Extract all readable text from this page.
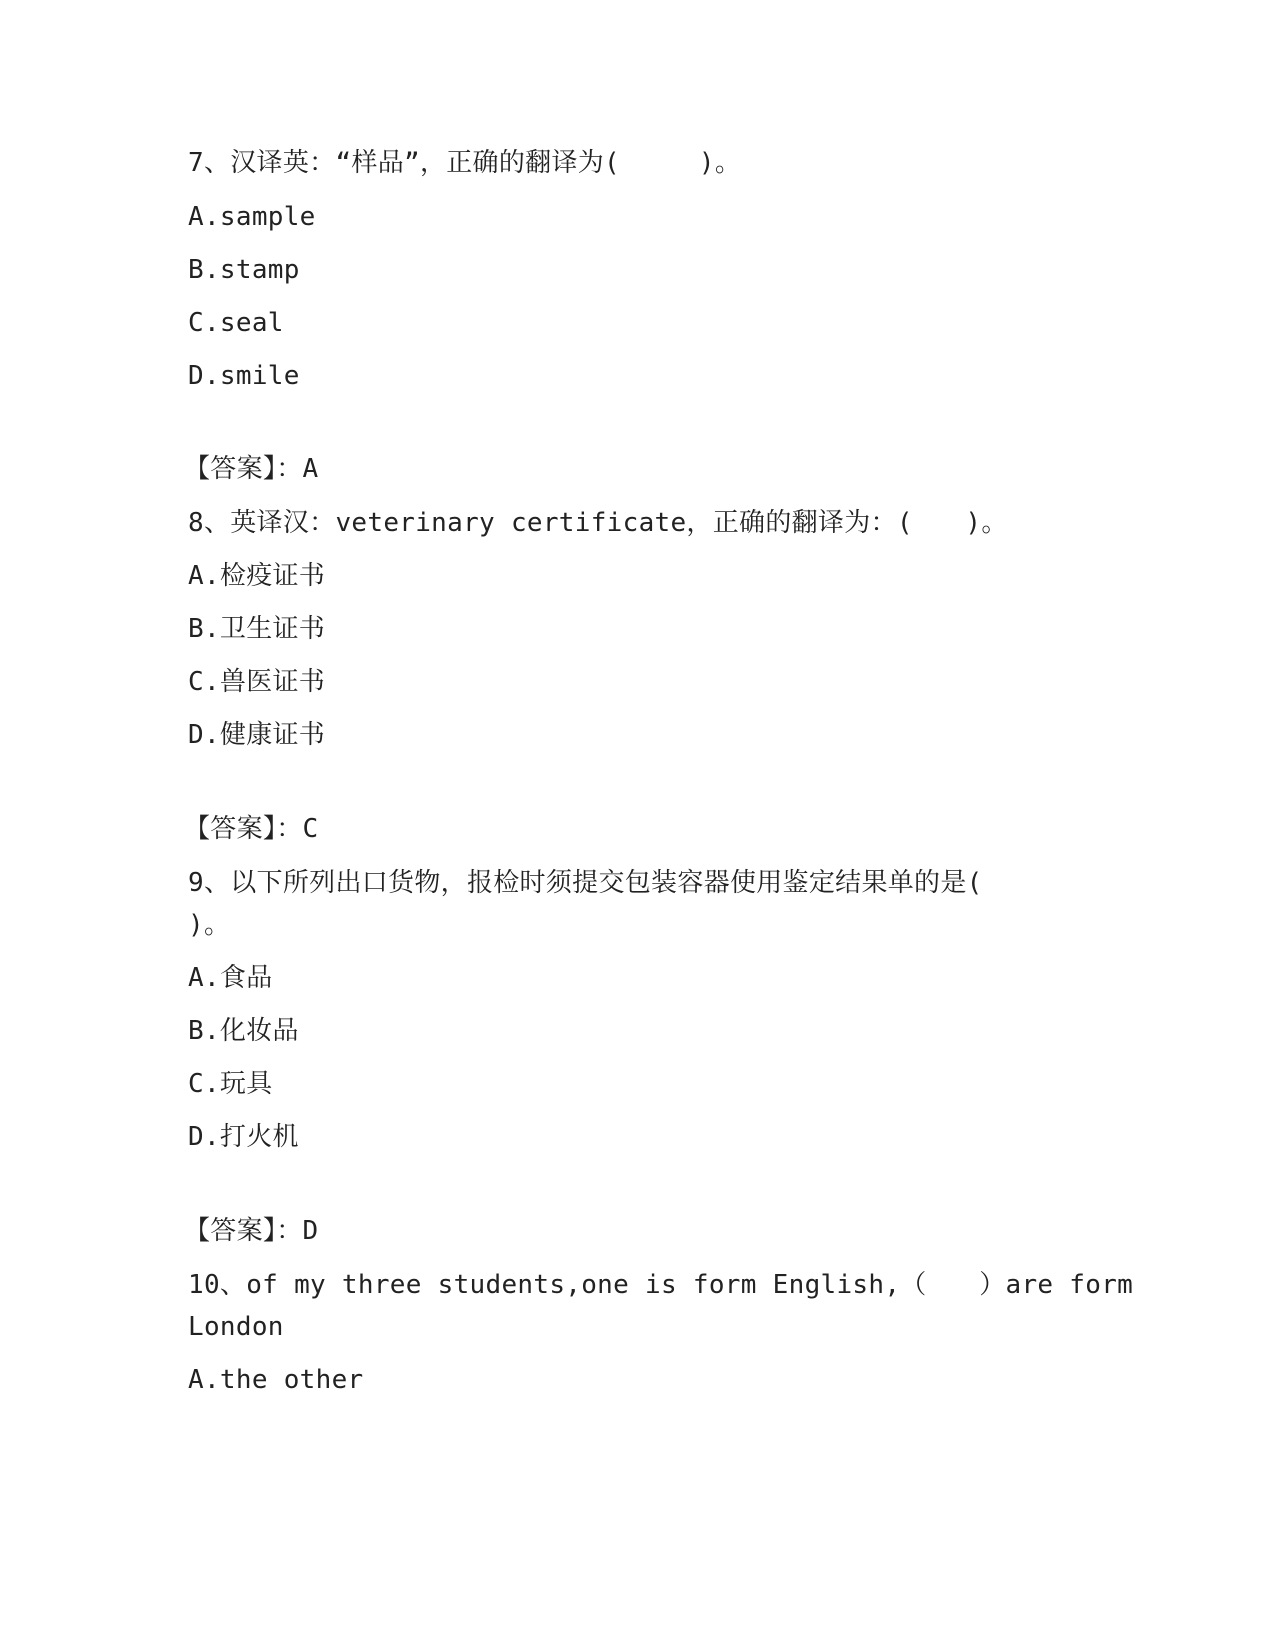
7、汉译英：“样品”，正确的翻译为(　　　)。
A.sample
B.stamp
C.seal
D.smile
【答案】：A
8、英译汉：veterinary certificate，正确的翻译为：(　　)。
A.检疫证书
B.卫生证书
C.兽医证书
D.健康证书
【答案】：C
9、以下所列出口货物，报检时须提交包装容器使用鉴定结果单的是(
)。
A.食品
B.化妆品
C.玩具
D.打火机
【答案】：D
10、of my three students,one is form English,（　　）are form
London
A.the other
